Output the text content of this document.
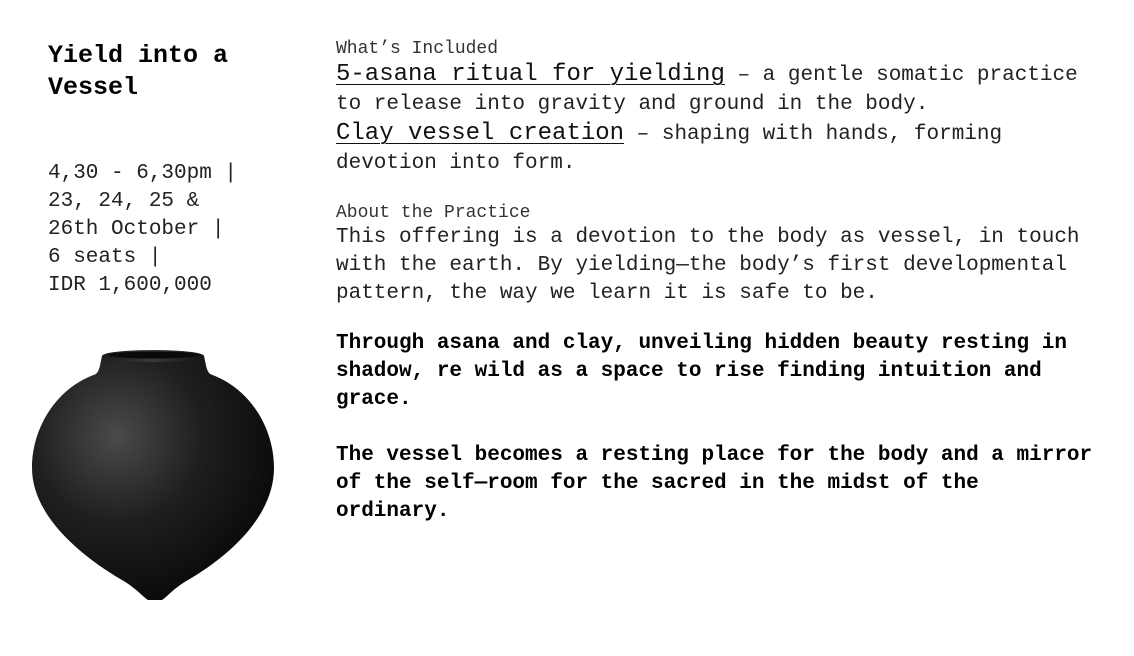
Yield into a
Vessel
4,30 - 6,30pm |
23, 24, 25 &
26th October |
6 seats |
IDR 1,600,000

What’s Included

5-asana ritual for yielding – a gentle somatic practice to release into gravity and ground in the body.

Clay vessel creation – shaping with hands, forming devotion into form.

About the Practice

This offering is a devotion to the body as vessel, in touch with the earth. By yielding—the body’s first developmental pattern, the way we learn it is safe to be.

Through asana and clay, unveiling hidden beauty resting in shadow, re wild as a space to rise finding intuition and grace.

The vessel becomes a resting place for the body and a mirror of the self—room for the sacred in the midst of the ordinary.
